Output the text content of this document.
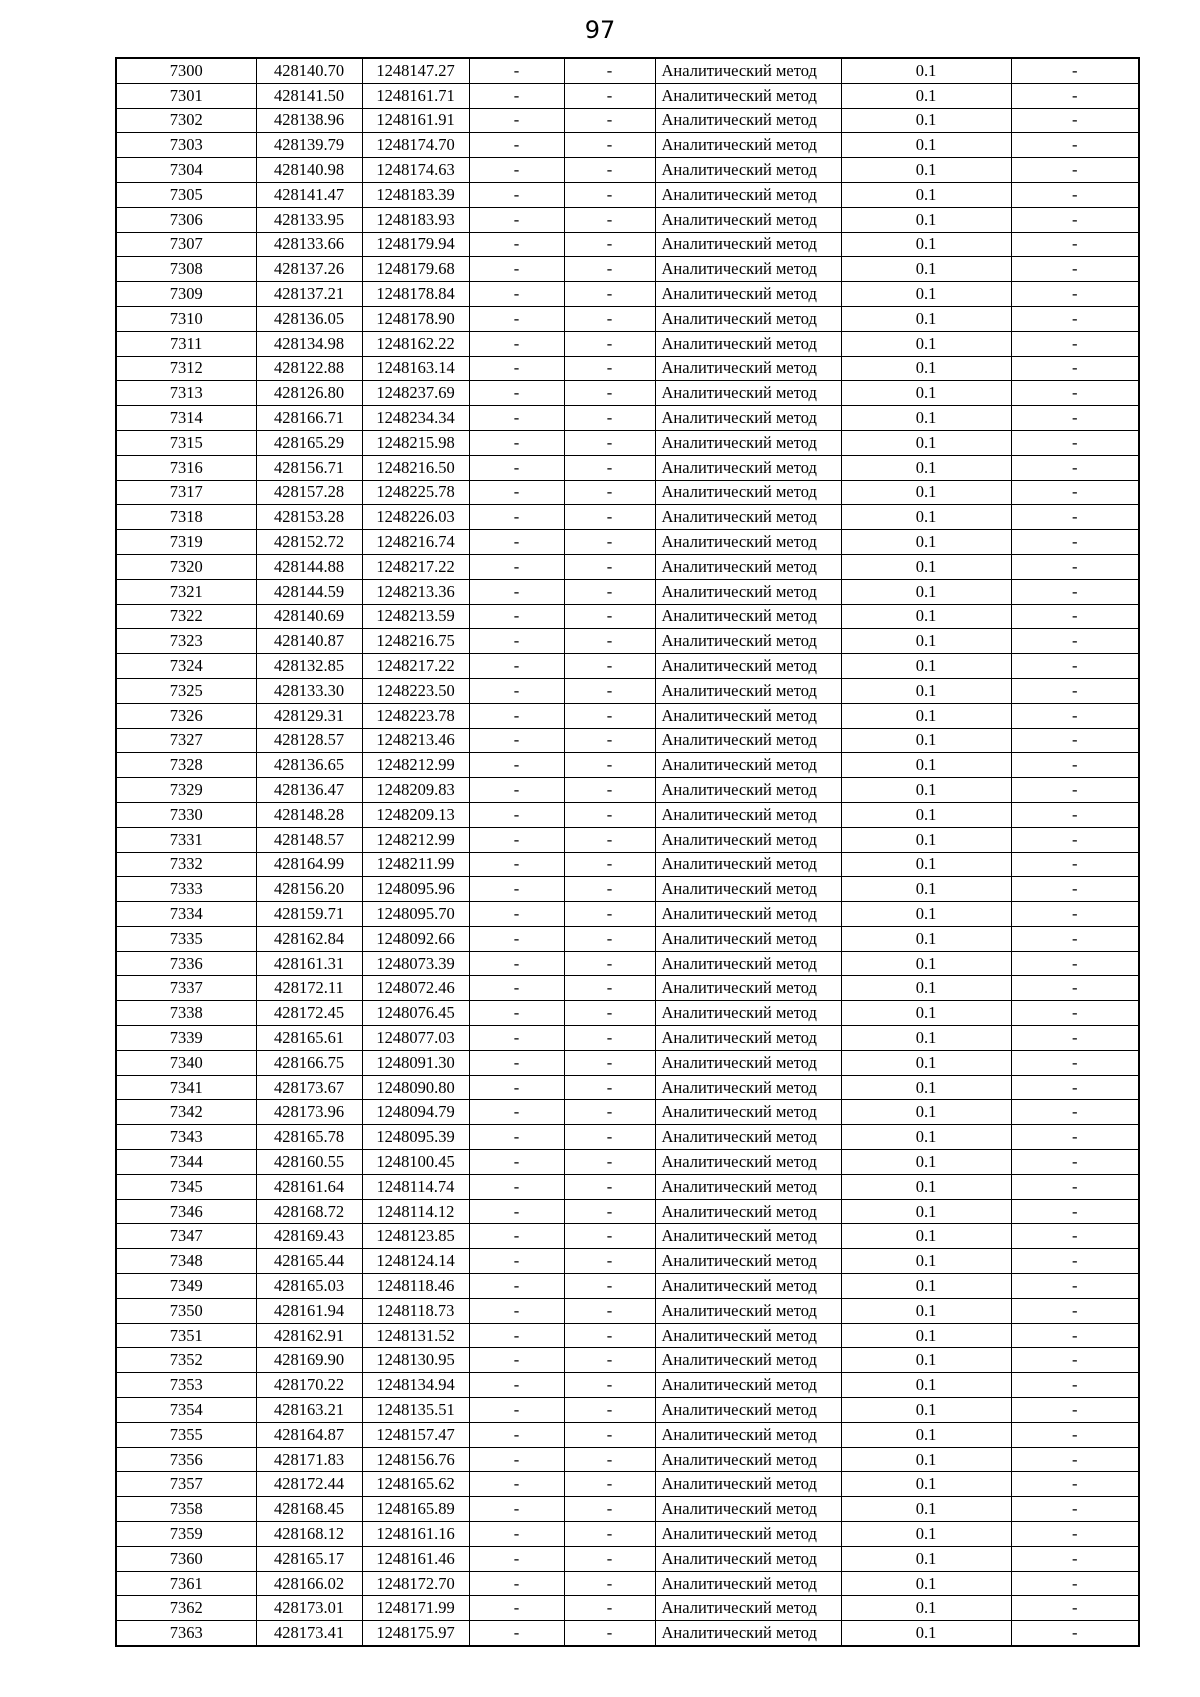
97
7300	428140.70	1248147.27	-	-	Аналитический метод	0.1	-
7301	428141.50	1248161.71	-	-	Аналитический метод	0.1	-
7302	428138.96	1248161.91	-	-	Аналитический метод	0.1	-
7303	428139.79	1248174.70	-	-	Аналитический метод	0.1	-
7304	428140.98	1248174.63	-	-	Аналитический метод	0.1	-
7305	428141.47	1248183.39	-	-	Аналитический метод	0.1	-
7306	428133.95	1248183.93	-	-	Аналитический метод	0.1	-
7307	428133.66	1248179.94	-	-	Аналитический метод	0.1	-
7308	428137.26	1248179.68	-	-	Аналитический метод	0.1	-
7309	428137.21	1248178.84	-	-	Аналитический метод	0.1	-
7310	428136.05	1248178.90	-	-	Аналитический метод	0.1	-
7311	428134.98	1248162.22	-	-	Аналитический метод	0.1	-
7312	428122.88	1248163.14	-	-	Аналитический метод	0.1	-
7313	428126.80	1248237.69	-	-	Аналитический метод	0.1	-
7314	428166.71	1248234.34	-	-	Аналитический метод	0.1	-
7315	428165.29	1248215.98	-	-	Аналитический метод	0.1	-
7316	428156.71	1248216.50	-	-	Аналитический метод	0.1	-
7317	428157.28	1248225.78	-	-	Аналитический метод	0.1	-
7318	428153.28	1248226.03	-	-	Аналитический метод	0.1	-
7319	428152.72	1248216.74	-	-	Аналитический метод	0.1	-
7320	428144.88	1248217.22	-	-	Аналитический метод	0.1	-
7321	428144.59	1248213.36	-	-	Аналитический метод	0.1	-
7322	428140.69	1248213.59	-	-	Аналитический метод	0.1	-
7323	428140.87	1248216.75	-	-	Аналитический метод	0.1	-
7324	428132.85	1248217.22	-	-	Аналитический метод	0.1	-
7325	428133.30	1248223.50	-	-	Аналитический метод	0.1	-
7326	428129.31	1248223.78	-	-	Аналитический метод	0.1	-
7327	428128.57	1248213.46	-	-	Аналитический метод	0.1	-
7328	428136.65	1248212.99	-	-	Аналитический метод	0.1	-
7329	428136.47	1248209.83	-	-	Аналитический метод	0.1	-
7330	428148.28	1248209.13	-	-	Аналитический метод	0.1	-
7331	428148.57	1248212.99	-	-	Аналитический метод	0.1	-
7332	428164.99	1248211.99	-	-	Аналитический метод	0.1	-
7333	428156.20	1248095.96	-	-	Аналитический метод	0.1	-
7334	428159.71	1248095.70	-	-	Аналитический метод	0.1	-
7335	428162.84	1248092.66	-	-	Аналитический метод	0.1	-
7336	428161.31	1248073.39	-	-	Аналитический метод	0.1	-
7337	428172.11	1248072.46	-	-	Аналитический метод	0.1	-
7338	428172.45	1248076.45	-	-	Аналитический метод	0.1	-
7339	428165.61	1248077.03	-	-	Аналитический метод	0.1	-
7340	428166.75	1248091.30	-	-	Аналитический метод	0.1	-
7341	428173.67	1248090.80	-	-	Аналитический метод	0.1	-
7342	428173.96	1248094.79	-	-	Аналитический метод	0.1	-
7343	428165.78	1248095.39	-	-	Аналитический метод	0.1	-
7344	428160.55	1248100.45	-	-	Аналитический метод	0.1	-
7345	428161.64	1248114.74	-	-	Аналитический метод	0.1	-
7346	428168.72	1248114.12	-	-	Аналитический метод	0.1	-
7347	428169.43	1248123.85	-	-	Аналитический метод	0.1	-
7348	428165.44	1248124.14	-	-	Аналитический метод	0.1	-
7349	428165.03	1248118.46	-	-	Аналитический метод	0.1	-
7350	428161.94	1248118.73	-	-	Аналитический метод	0.1	-
7351	428162.91	1248131.52	-	-	Аналитический метод	0.1	-
7352	428169.90	1248130.95	-	-	Аналитический метод	0.1	-
7353	428170.22	1248134.94	-	-	Аналитический метод	0.1	-
7354	428163.21	1248135.51	-	-	Аналитический метод	0.1	-
7355	428164.87	1248157.47	-	-	Аналитический метод	0.1	-
7356	428171.83	1248156.76	-	-	Аналитический метод	0.1	-
7357	428172.44	1248165.62	-	-	Аналитический метод	0.1	-
7358	428168.45	1248165.89	-	-	Аналитический метод	0.1	-
7359	428168.12	1248161.16	-	-	Аналитический метод	0.1	-
7360	428165.17	1248161.46	-	-	Аналитический метод	0.1	-
7361	428166.02	1248172.70	-	-	Аналитический метод	0.1	-
7362	428173.01	1248171.99	-	-	Аналитический метод	0.1	-
7363	428173.41	1248175.97	-	-	Аналитический метод	0.1	-
